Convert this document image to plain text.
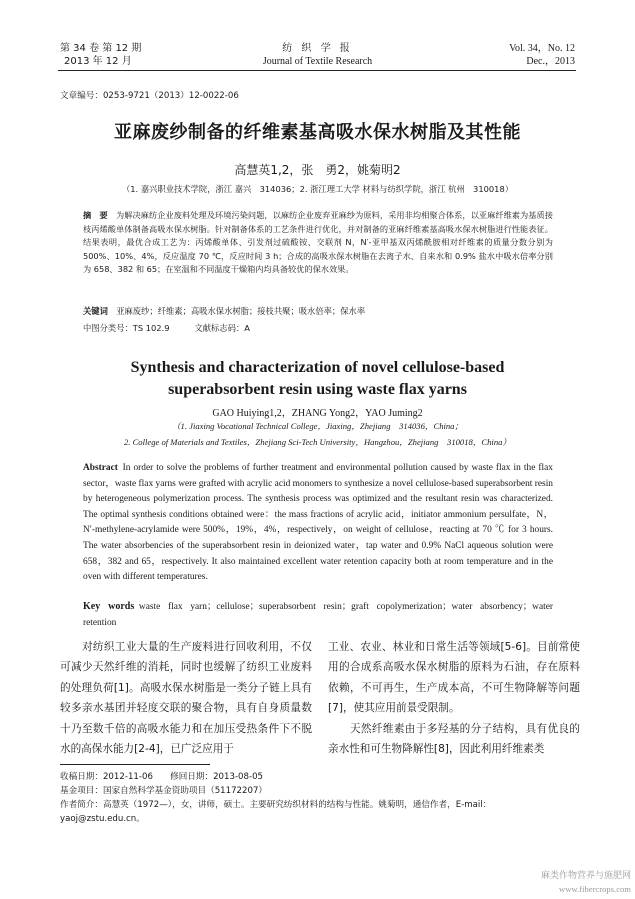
第 34 卷 第 12 期
2013 年 12 月
纺 织 学 报
Journal of Textile Research
Vol. 34，No. 12
Dec.，2013
文章编号：0253-9721（2013）12-0022-06
亚麻废纱制备的纤维素基高吸水保水树脂及其性能
高慧英1,2，张　勇2，姚菊明2
（1. 嘉兴职业技术学院，浙江 嘉兴　314036；2. 浙江理工大学 材料与纺织学院，浙江 杭州　310018）
摘　要  为解决麻纺企业废料处理及环境污染问题，以麻纺企业废弃亚麻纱为原料，采用非均相聚合体系，以亚麻纤维素为基质接枝丙烯酸单体制备高吸水保水树脂。针对制备体系的工艺条件进行优化，并对制备的亚麻纤维素基高吸水保水树脂进行性能表征。结果表明，最优合成工艺为：丙烯酸单体、引发剂过硫酸铵、交联剂 N，N′-亚甲基双丙烯酰胺相对纤维素的质量分数分别为 500%、10%、4%，反应温度 70 ℃，反应时间 3 h；合成的高吸水保水树脂在去离子水、自来水和 0.9% 盐水中吸水倍率分别为 658、382 和 65；在室温和不同温度干燥箱内均具备较优的保水效果。
关键词  亚麻废纱；纤维素；高吸水保水树脂；接枝共聚；吸水倍率；保水率
中图分类号：TS 102.9   	文献标志码：A
Synthesis and characterization of novel cellulose-based
superabsorbent resin using waste flax yarns
GAO Huiying1,2，ZHANG Yong2，YAO Juming2
（1. Jiaxing Vocational Technical College，Jiaxing，Zhejiang　314036，China；
2. College of Materials and Textiles，Zhejiang Sci-Tech University，Hangzhou，Zhejiang　310018，China）
Abstract  In order to solve the problems of further treatment and environmental pollution caused by waste flax in the flax sector，waste flax yarns were grafted with acrylic acid monomers to synthesize a novel cellulose-based superabsorbent resin by heterogeneous polymerization process. The synthesis process was optimized and the resultant resin was characterized. The optimal synthesis conditions obtained were：the mass fractions of acrylic acid，initiator ammonium persulfate，N，N′-methylene-acrylamide were 500%，19%，4%，respectively，on weight of cellulose，reacting at 70 ℃ for 3 hours. The water absorbencies of the superabsorbent resin in deionized water，tap water and 0.9% NaCl aqueous solution were 658，382 and 65，respectively. It also maintained excellent water retention capacity both at room temperature and in the oven with different temperatures.
Key words  waste flax yarn；cellulose；superabsorbent resin；graft copolymerization；water absorbency；water retention
　　对纺织工业大量的生产废料进行回收利用，不仅可减少天然纤维的消耗，同时也缓解了纺织工业废料的处理负荷[1]。高吸水保水树脂是一类分子链上具有较多亲水基团并轻度交联的聚合物，具有自身质量数十乃至数千倍的高吸水能力和在加压受热条件下不脱水的高保水能力[2-4]，已广泛应用于
工业、农业、林业和日常生活等领域[5-6]。目前常使用的合成系高吸水保水树脂的原料为石油，存在原料依赖，不可再生，生产成本高，不可生物降解等问题[7]，使其应用前景受限制。
　　天然纤维素由于多羟基的分子结构，具有优良的亲水性和可生物降解性[8]，因此利用纤维素类
收稿日期：2012-11-06　　修回日期：2013-08-05
基金项目：国家自然科学基金资助项目（51172207）
作者简介：高慧英（1972—），女，讲师，硕士。主要研究纺织材料的结构与性能。姚菊明，通信作者，E-mail：yaoj@zstu.edu.cn。
麻类作物营养与施肥网
www.fibercrops.com
